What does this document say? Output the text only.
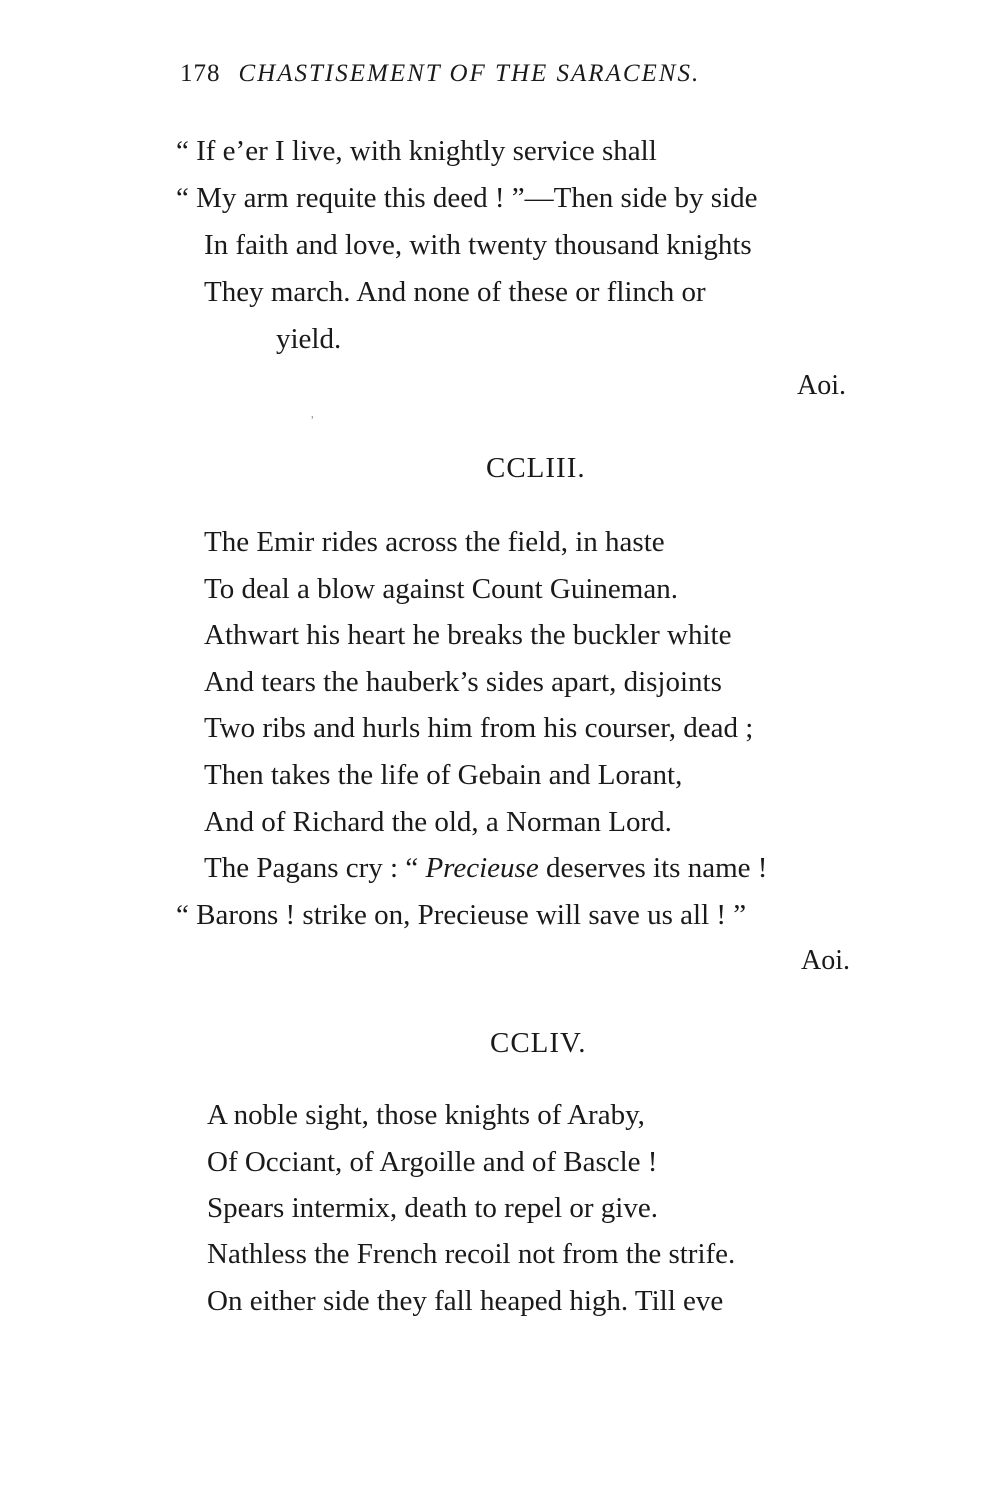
178 CHASTISEMENT OF THE SARACENS.
“ If e’er I live, with knightly service shall
“ My arm requite this deed ! ”—Then side by side
In faith and love, with twenty thousand knights
They march. And none of these or flinch or
yield.
Aoi.
˒
CCLIII.
The Emir rides across the field, in haste
To deal a blow against Count Guineman.
Athwart his heart he breaks the buckler white
And tears the hauberk’s sides apart, disjoints
Two ribs and hurls him from his courser, dead ;
Then takes the life of Gebain and Lorant,
And of Richard the old, a Norman Lord.
The Pagans cry : “ Precieuse deserves its name !
“ Barons ! strike on, Precieuse will save us all ! ”
Aoi.
CCLIV.
A noble sight, those knights of Araby,
Of Occiant, of Argoille and of Bascle !
Spears intermix, death to repel or give.
Nathless the French recoil not from the strife.
On either side they fall heaped high. Till eve
